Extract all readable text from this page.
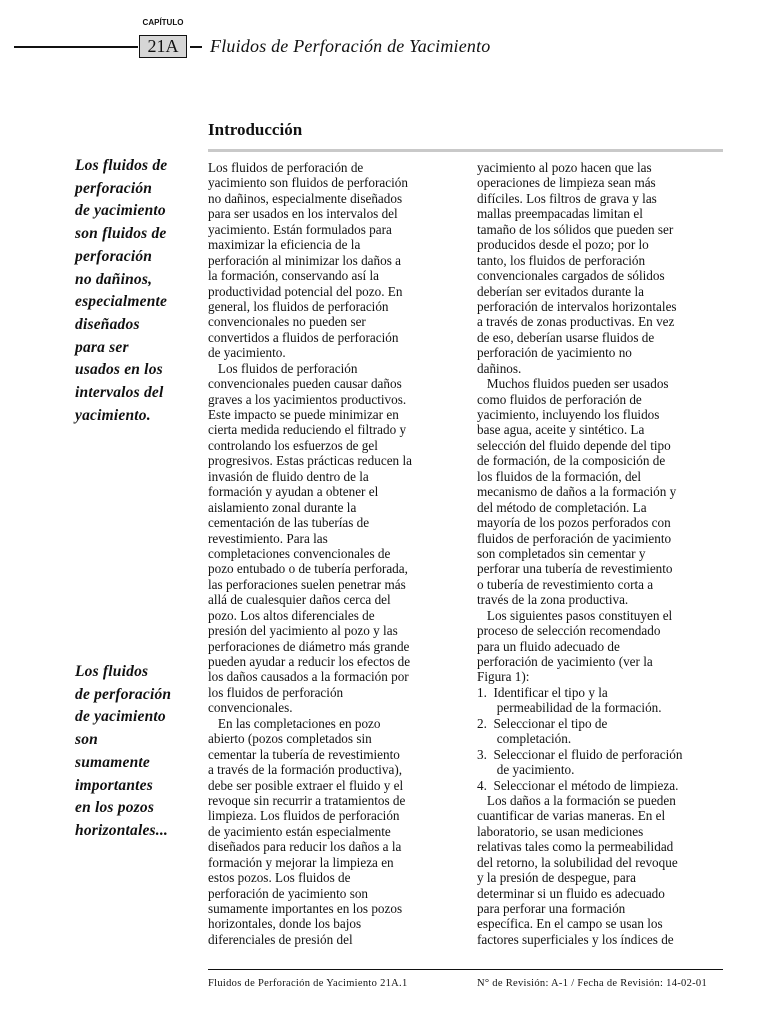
CAPÍTULO
21A	Fluidos de Perforación de Yacimiento
Introducción
Los fluidos de
perforación
de yacimiento
son fluidos de
perforación
no dañinos,
especialmente
diseñados
para ser
usados en los
intervalos del
yacimiento.
Los fluidos
de perforación
de yacimiento
son
sumamente
importantes
en los pozos
horizontales...
Los fluidos de perforación de
yacimiento son fluidos de perforación
no dañinos, especialmente diseñados
para ser usados en los intervalos del
yacimiento. Están formulados para
maximizar la eficiencia de la
perforación al minimizar los daños a
la formación, conservando así la
productividad potencial del pozo. En
general, los fluidos de perforación
convencionales no pueden ser
convertidos a fluidos de perforación
de yacimiento.
Los fluidos de perforación
convencionales pueden causar daños
graves a los yacimientos productivos.
Este impacto se puede minimizar en
cierta medida reduciendo el filtrado y
controlando los esfuerzos de gel
progresivos. Estas prácticas reducen la
invasión de fluido dentro de la
formación y ayudan a obtener el
aislamiento zonal durante la
cementación de las tuberías de
revestimiento. Para las
completaciones convencionales de
pozo entubado o de tubería perforada,
las perforaciones suelen penetrar más
allá de cualesquier daños cerca del
pozo. Los altos diferenciales de
presión del yacimiento al pozo y las
perforaciones de diámetro más grande
pueden ayudar a reducir los efectos de
los daños causados a la formación por
los fluidos de perforación
convencionales.
En las completaciones en pozo
abierto (pozos completados sin
cementar la tubería de revestimiento
a través de la formación productiva),
debe ser posible extraer el fluido y el
revoque sin recurrir a tratamientos de
limpieza. Los fluidos de perforación
de yacimiento están especialmente
diseñados para reducir los daños a la
formación y mejorar la limpieza en
estos pozos. Los fluidos de
perforación de yacimiento son
sumamente importantes en los pozos
horizontales, donde los bajos
diferenciales de presión del
yacimiento al pozo hacen que las
operaciones de limpieza sean más
difíciles. Los filtros de grava y las
mallas preempacadas limitan el
tamaño de los sólidos que pueden ser
producidos desde el pozo; por lo
tanto, los fluidos de perforación
convencionales cargados de sólidos
deberían ser evitados durante la
perforación de intervalos horizontales
a través de zonas productivas. En vez
de eso, deberían usarse fluidos de
perforación de yacimiento no
dañinos.
Muchos fluidos pueden ser usados
como fluidos de perforación de
yacimiento, incluyendo los fluidos
base agua, aceite y sintético. La
selección del fluido depende del tipo
de formación, de la composición de
los fluidos de la formación, del
mecanismo de daños a la formación y
del método de completación. La
mayoría de los pozos perforados con
fluidos de perforación de yacimiento
son completados sin cementar y
perforar una tubería de revestimiento
o tubería de revestimiento corta a
través de la zona productiva.
Los siguientes pasos constituyen el
proceso de selección recomendado
para un fluido adecuado de
perforación de yacimiento (ver la
Figura 1):
1.  Identificar el tipo y la
permeabilidad de la formación.
2.  Seleccionar el tipo de
completación.
3.  Seleccionar el fluido de perforación
de yacimiento.
4.  Seleccionar el método de limpieza.
Los daños a la formación se pueden
cuantificar de varias maneras. En el
laboratorio, se usan mediciones
relativas tales como la permeabilidad
del retorno, la solubilidad del revoque
y la presión de despegue, para
determinar si un fluido es adecuado
para perforar una formación
específica. En el campo se usan los
factores superficiales y los índices de
Fluidos de Perforación de Yacimiento 21A.1	N° de Revisión: A-1 / Fecha de Revisión: 14-02-01
